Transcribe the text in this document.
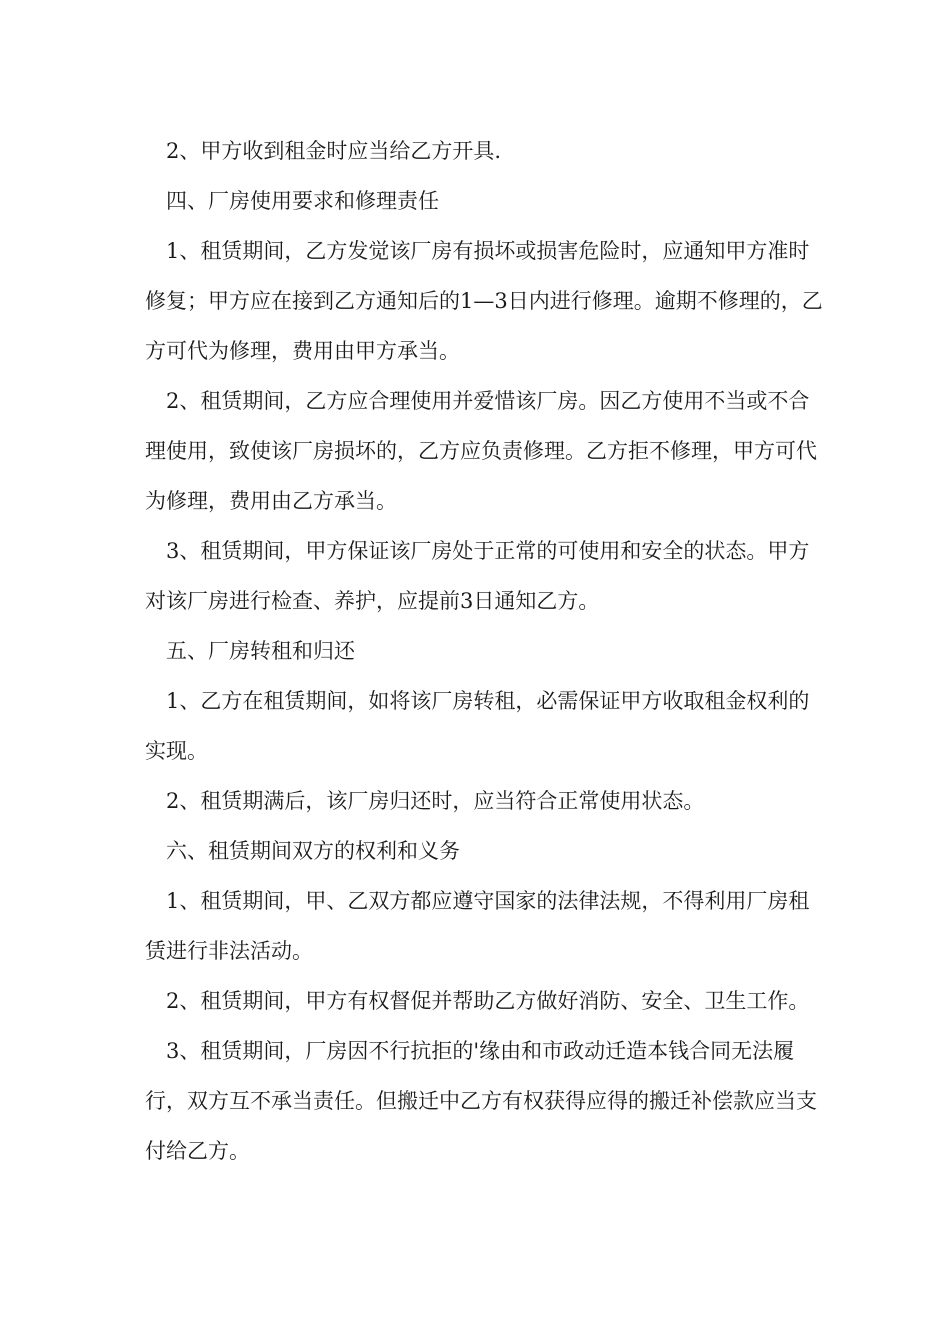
2、甲方收到租金时应当给乙方开具.

四、厂房使用要求和修理责任

1、租赁期间，乙方发觉该厂房有损坏或损害危险时，应通知甲方准时修复；甲方应在接到乙方通知后的1—3日内进行修理。逾期不修理的，乙方可代为修理，费用由甲方承当。

2、租赁期间，乙方应合理使用并爱惜该厂房。因乙方使用不当或不合理使用，致使该厂房损坏的，乙方应负责修理。乙方拒不修理，甲方可代为修理，费用由乙方承当。

3、租赁期间，甲方保证该厂房处于正常的可使用和安全的状态。甲方对该厂房进行检查、养护，应提前3日通知乙方。

五、厂房转租和归还

1、乙方在租赁期间，如将该厂房转租，必需保证甲方收取租金权利的实现。

2、租赁期满后，该厂房归还时，应当符合正常使用状态。

六、租赁期间双方的权利和义务

1、租赁期间，甲、乙双方都应遵守国家的法律法规，不得利用厂房租赁进行非法活动。

2、租赁期间，甲方有权督促并帮助乙方做好消防、安全、卫生工作。

3、租赁期间，厂房因不行抗拒的'缘由和市政动迁造本钱合同无法履行，双方互不承当责任。但搬迁中乙方有权获得应得的搬迁补偿款应当支付给乙方。
